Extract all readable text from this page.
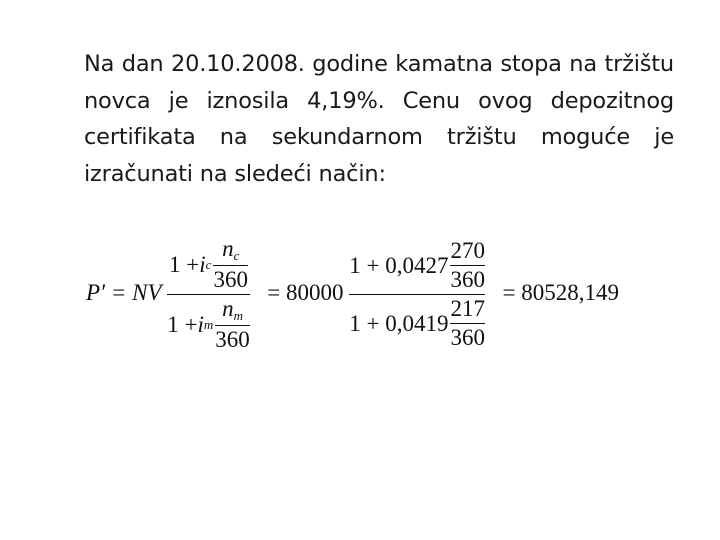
Na dan 20.10.2008. godine kamatna stopa na tržištu novca je iznosila 4,19%. Cenu ovog depozitnog certifikata na sekundarnom tržištu moguće je izračunati na sledeći način:
P′ = NV
1 + i c
$n_c$
360
1 + i m
$n_m$
360 = 80000 1 + 0,0427
270
360
1 + 0,0419
217
360 = 80528,149
